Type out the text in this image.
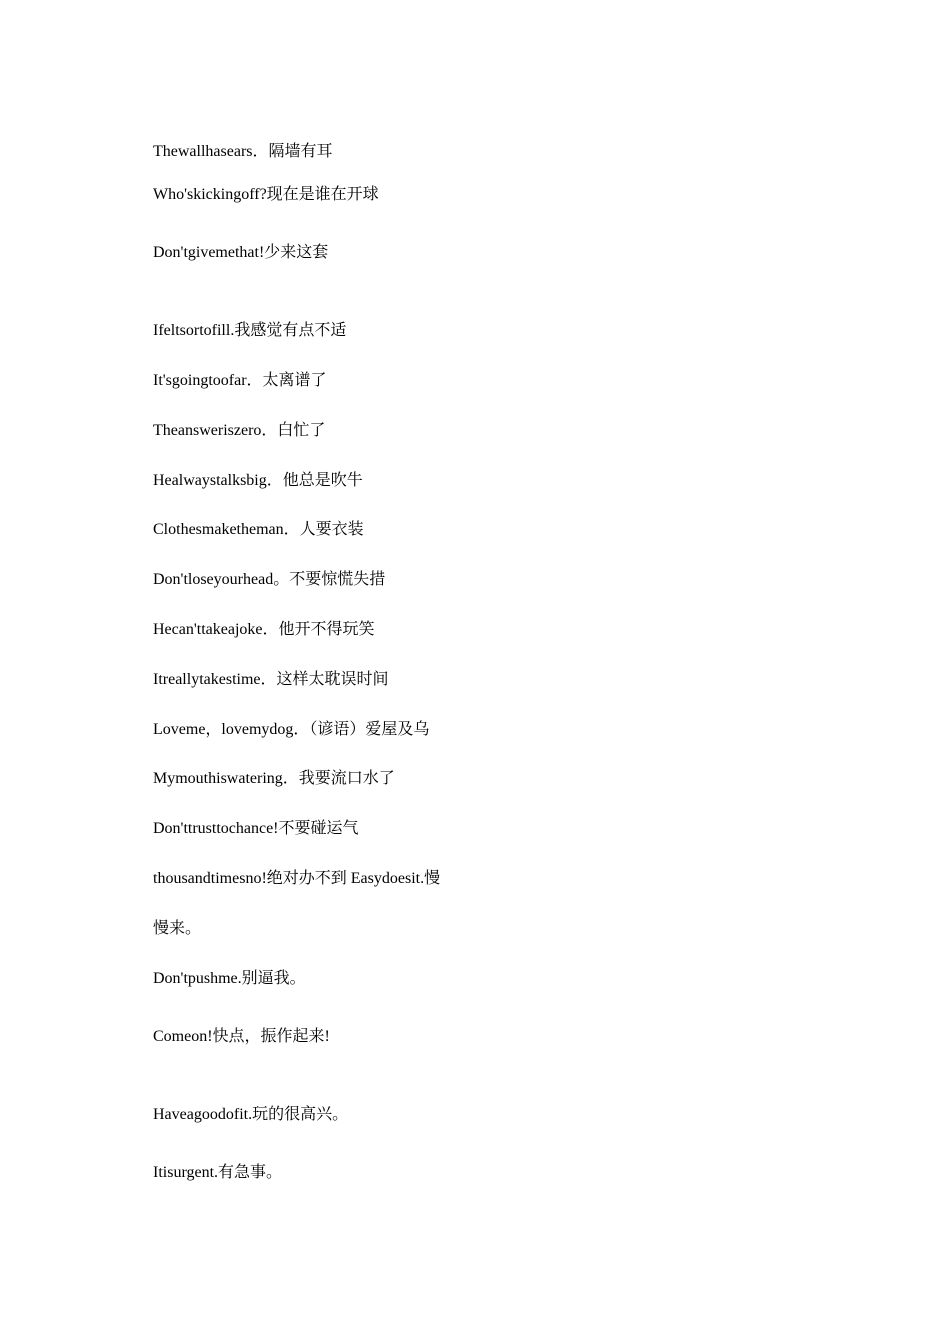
Thewallhasears．隔墙有耳

Who'skickingoff?现在是谁在开球

Don'tgivemethat!少来这套

Ifeltsortofill.我感觉有点不适

It'sgoingtoofar．太离谱了

Theansweriszero．白忙了

Healwaystalksbig．他总是吹牛

Clothesmaketheman．人要衣装

Don'tloseyourhead。不要惊慌失措

Hecan'ttakeajoke．他开不得玩笑

Itreallytakestime．这样太耽误时间

Loveme，lovemydog．（谚语）爱屋及乌

Mymouthiswatering．我要流口水了

Don'ttrusttochance!不要碰运气

thousandtimesno!绝对办不到 Easydoesit.慢

慢来。

Don'tpushme.别逼我。

Comeon!快点，振作起来!

Haveagoodofit.玩的很高兴。

Itisurgent.有急事。
